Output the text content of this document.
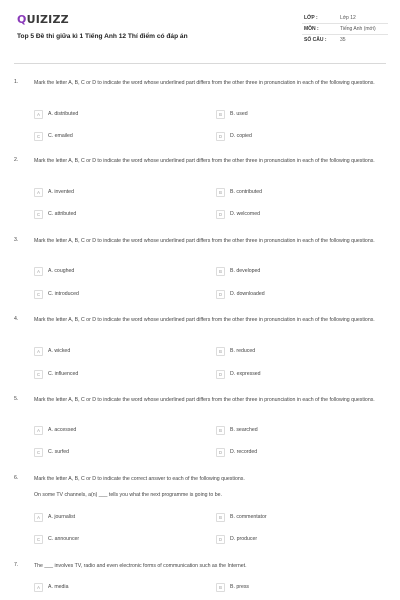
QUIZIZZ
Top 5 Đề thi giữa kì 1 Tiếng Anh 12 Thí điểm có đáp án
LỚP :	Lớp 12
MÔN :	Tiếng Anh (mới)
SỐ CÂU :	35
1.	Mark the letter A, B, C or D to indicate the word whose underlined part differs from the other three in pronunciation in each of the following questions.
A	A. distributed	B	B. used
C	C. emailed	D	D. copied
2.	Mark the letter A, B, C or D to indicate the word whose underlined part differs from the other three in pronunciation in each of the following questions.
A	A. invented	B	B. contributed
C	C. attributed	D	D. welcomed
3.	Mark the letter A, B, C or D to indicate the word whose underlined part differs from the other three in pronunciation in each of the following questions.
A	A. coughed	B	B. developed
C	C. introduced	D	D. downloaded
4.	Mark the letter A, B, C or D to indicate the word whose underlined part differs from the other three in pronunciation in each of the following questions.
A	A. wicked	B	B. reduced
C	C. influenced	D	D. expressed
5.	Mark the letter A, B, C or D to indicate the word whose underlined part differs from the other three in pronunciation in each of the following questions.
A	A. accessed	B	B. searched
C	C. surfed	D	D. recorded
6.	Mark the letter A, B, C or D to indicate the correct answer to each of the following questions.
On some TV channels, a(n) ___ tells you what the next programme is going to be.
A	A. journalist	B	B. commentator
C	C. announcer	D	D. producer
7.	The ___ involves TV, radio and even electronic forms of communication such as the Internet.
A	A. media	B	B. press
